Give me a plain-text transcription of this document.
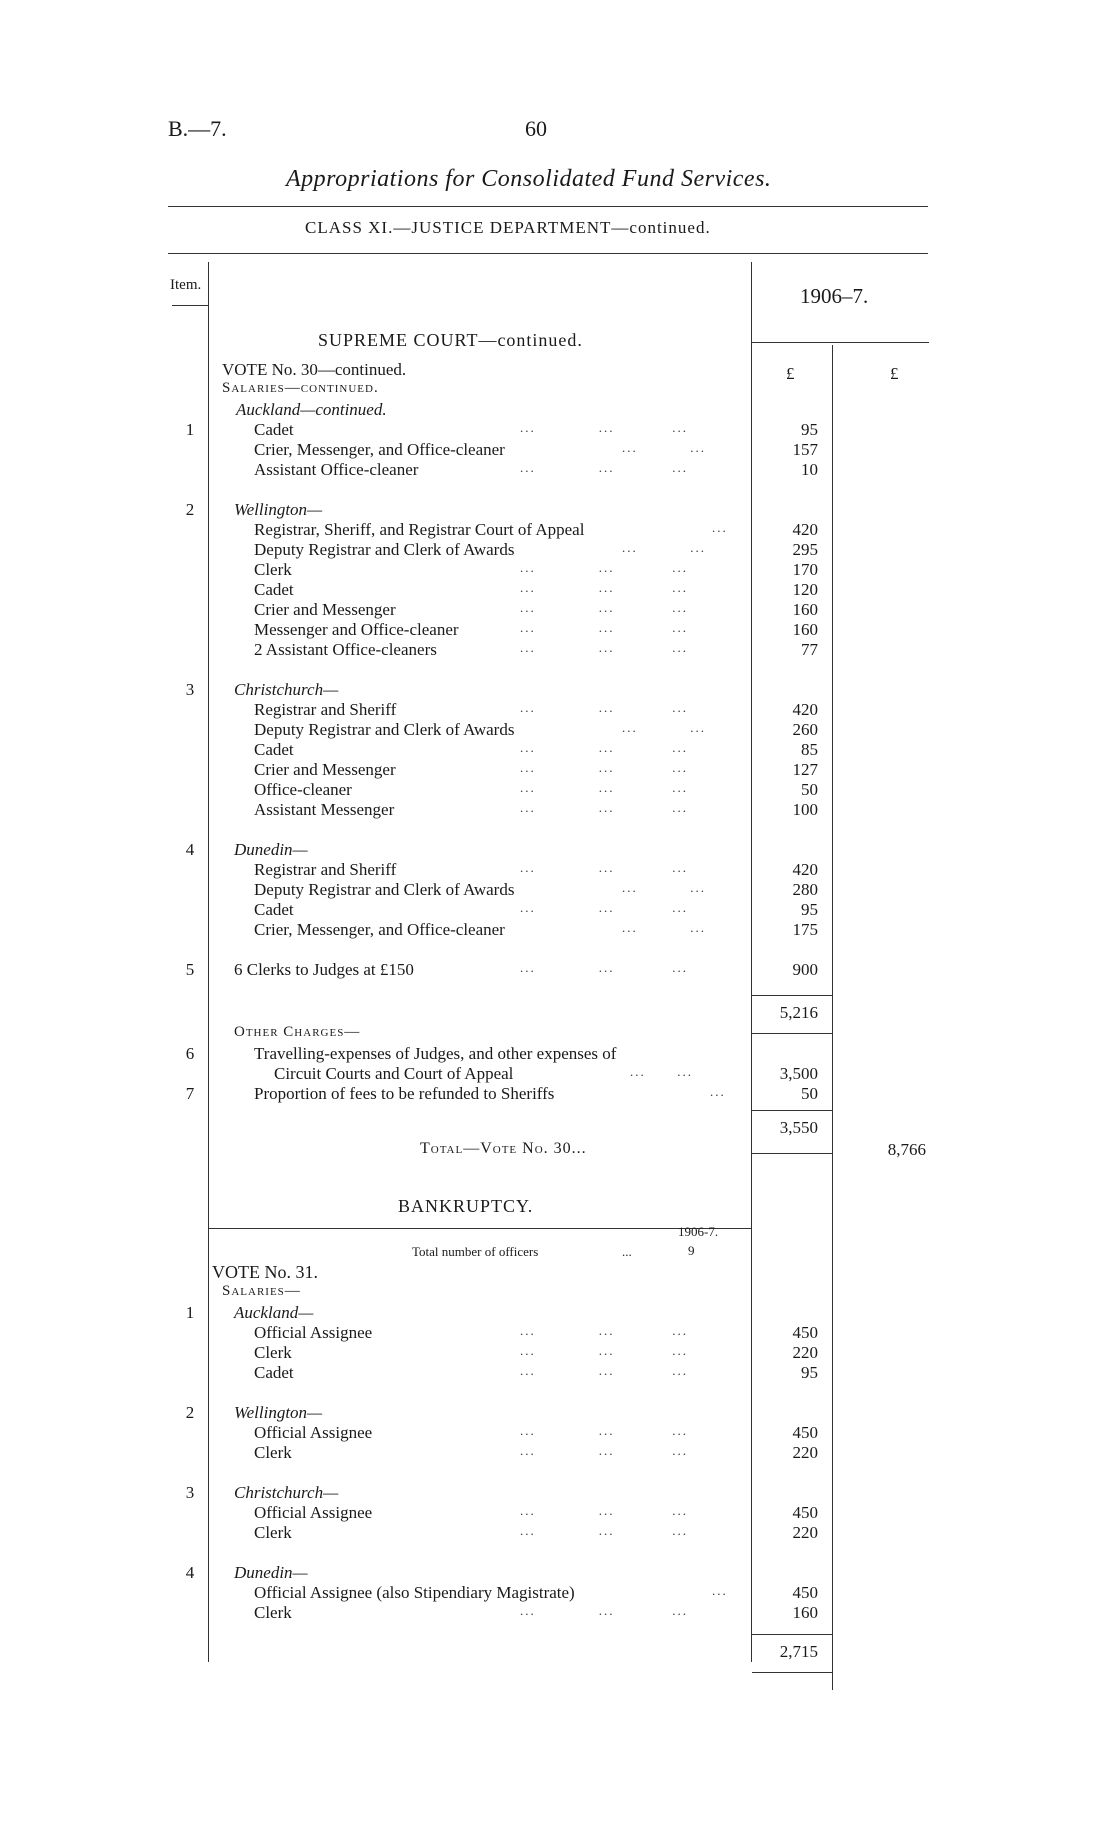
B.—7.	60
Appropriations for Consolidated Fund Services.
CLASS XI.—JUSTICE DEPARTMENT—continued.
Item.	1906–7.
SUPREME COURT—continued.
£	£
VOTE No. 30—continued.
Salaries—continued.
Auckland—continued.
1	Cadet	...            ...           ...	95
Crier, Messenger, and Office-cleaner	...          ...	157
Assistant Office-cleaner	...            ...           ...	10
2	Wellington—
Registrar, Sheriff, and Registrar Court of Appeal	...	420
Deputy Registrar and Clerk of Awards	...          ...	295
Clerk	...            ...           ...	170
Cadet	...            ...           ...	120
Crier and Messenger	...            ...           ...	160
Messenger and Office-cleaner	...            ...           ...	160
2 Assistant Office-cleaners	...            ...           ...	77
3	Christchurch—
Registrar and Sheriff	...            ...           ...	420
Deputy Registrar and Clerk of Awards	...          ...	260
Cadet	...            ...           ...	85
Crier and Messenger	...            ...           ...	127
Office-cleaner	...            ...           ...	50
Assistant Messenger	...            ...           ...	100
4	Dunedin—
Registrar and Sheriff	...            ...           ...	420
Deputy Registrar and Clerk of Awards	...          ...	280
Cadet	...            ...           ...	95
Crier, Messenger, and Office-cleaner	...          ...	175
5	6 Clerks to Judges at £150	...            ...           ...	900
5,216
Other Charges—
6	Travelling-expenses of Judges, and other expenses of
Circuit Courts and Court of Appeal	...      ...	3,500
7	Proportion of fees to be refunded to Sheriffs	...	50
3,550
Total—Vote No. 30...	8,766
BANKRUPTCY.
1906-7.
Total number of officers	...	9
VOTE No. 31.
Salaries—
1	Auckland—
Official Assignee	...            ...           ...	450
Clerk	...            ...           ...	220
Cadet	...            ...           ...	95
2	Wellington—
Official Assignee	...            ...           ...	450
Clerk	...            ...           ...	220
3	Christchurch—
Official Assignee	...            ...           ...	450
Clerk	...            ...           ...	220
4	Dunedin—
Official Assignee (also Stipendiary Magistrate)	...	450
Clerk	...            ...           ...	160
2,715
